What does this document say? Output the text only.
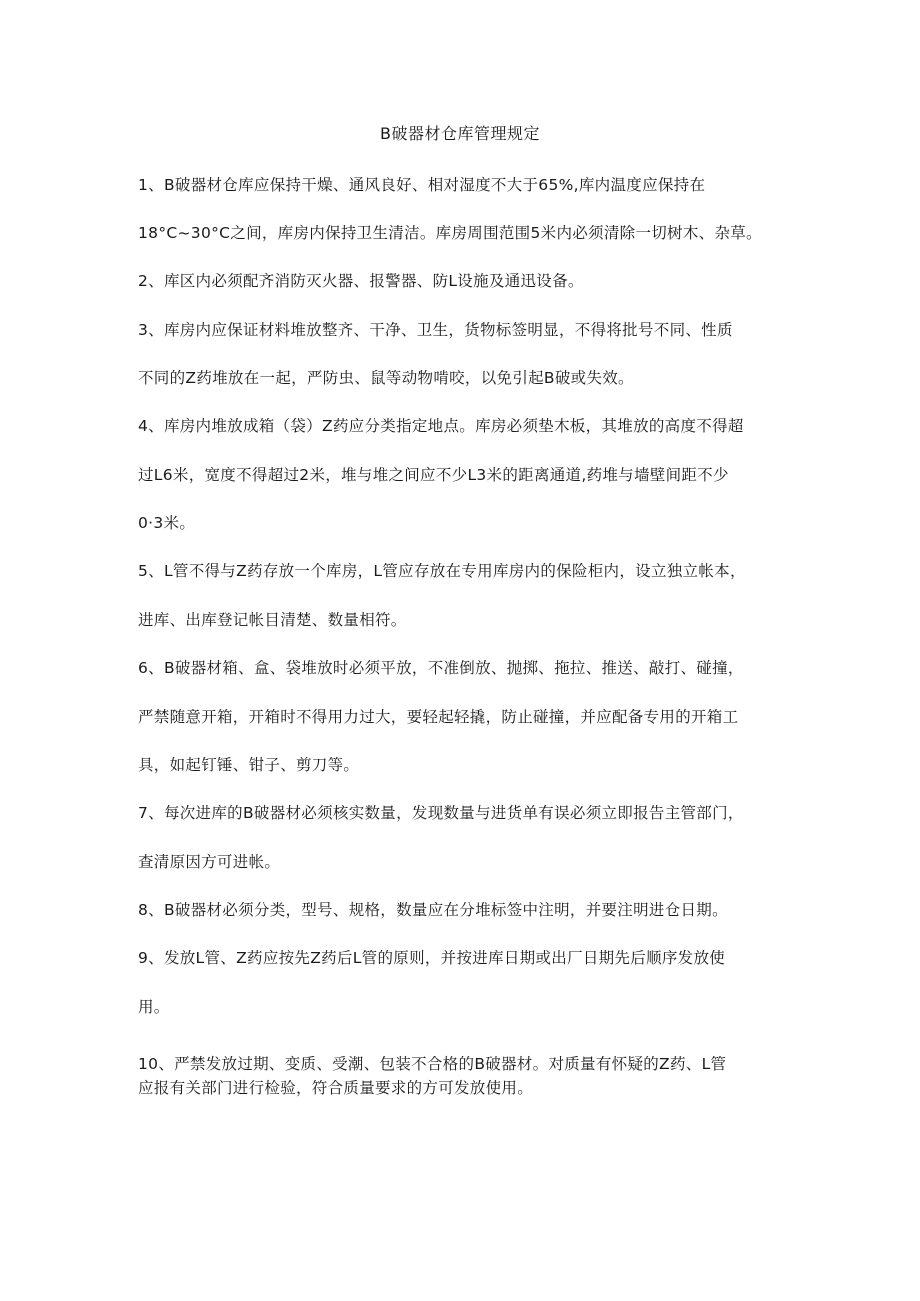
B破器材仓库管理规定
1、B破器材仓库应保持干燥、通风良好、相对湿度不大于65%,库内温度应保持在
18°C~30°C之间，库房内保持卫生清洁。库房周围范围5米内必须清除一切树木、杂草。
2、库区内必须配齐消防灭火器、报警器、防L设施及通迅设备。
3、库房内应保证材料堆放整齐、干净、卫生，货物标签明显，不得将批号不同、性质
不同的Z药堆放在一起，严防虫、鼠等动物啃咬，以免引起B破或失效。
4、库房内堆放成箱（袋）Z药应分类指定地点。库房必须垫木板，其堆放的高度不得超
过L6米，宽度不得超过2米，堆与堆之间应不少L3米的距离通道,药堆与墙壁间距不少
0·3米。
5、L管不得与Z药存放一个库房，L管应存放在专用库房内的保险柜内，设立独立帐本，
进库、出库登记帐目清楚、数量相符。
6、B破器材箱、盒、袋堆放时必须平放，不准倒放、抛掷、拖拉、推送、敲打、碰撞，
严禁随意开箱，开箱时不得用力过大，要轻起轻撬，防止碰撞，并应配备专用的开箱工
具，如起钉锤、钳子、剪刀等。
7、每次进库的B破器材必须核实数量，发现数量与进货单有误必须立即报告主管部门，
查清原因方可进帐。
8、B破器材必须分类，型号、规格，数量应在分堆标签中注明，并要注明进仓日期。
9、发放L管、Z药应按先Z药后L管的原则，并按进库日期或出厂日期先后顺序发放使
用。
10、严禁发放过期、变质、受潮、包装不合格的B破器材。对质量有怀疑的Z药、L管
应报有关部门进行检验，符合质量要求的方可发放使用。
